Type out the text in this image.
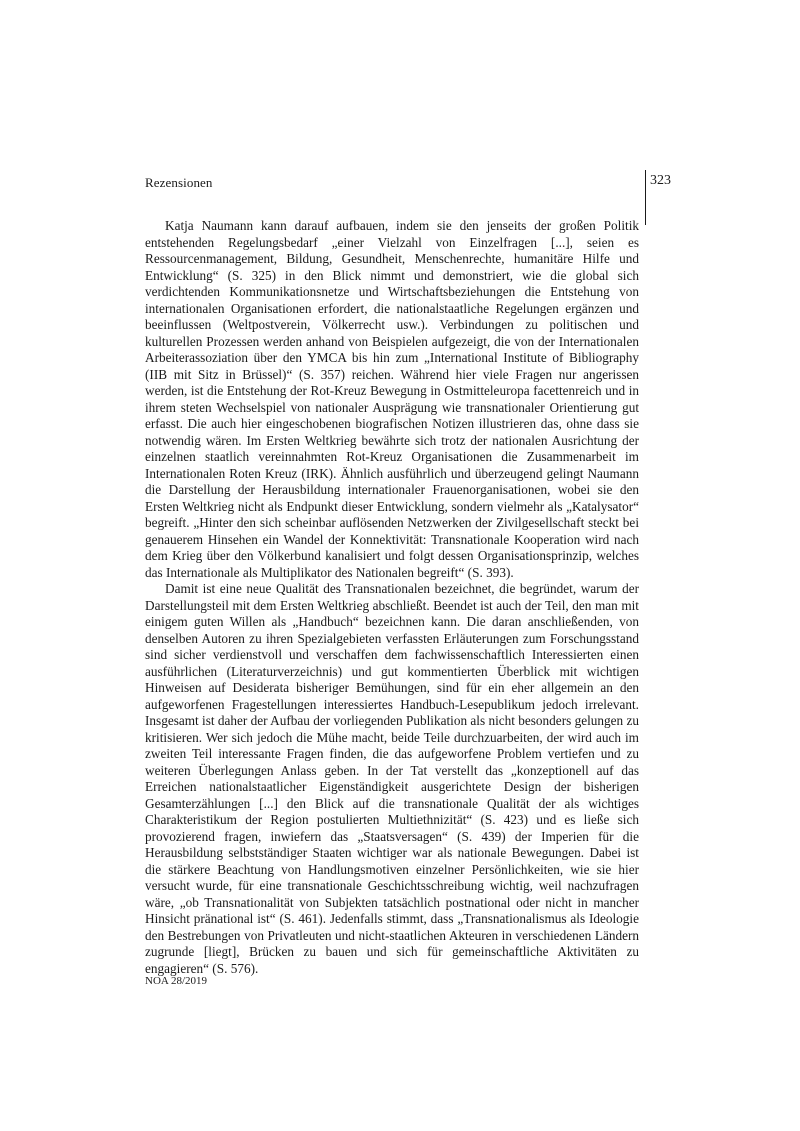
Rezensionen	323

Katja Naumann kann darauf aufbauen, indem sie den jenseits der großen Politik entstehenden Regelungsbedarf „einer Vielzahl von Einzelfragen [...], seien es Ressourcenmanagement, Bildung, Gesundheit, Menschenrechte, humanitäre Hilfe und Entwicklung“ (S. 325) in den Blick nimmt und demonstriert, wie die global sich verdichtenden Kommunikationsnetze und Wirtschaftsbeziehungen die Entstehung von internationalen Organisationen erfordert, die nationalstaatliche Regelungen ergänzen und beeinflussen (Weltpostverein, Völkerrecht usw.). Verbindungen zu politischen und kulturellen Prozessen werden anhand von Beispielen aufgezeigt, die von der Internationalen Arbeiterassoziation über den YMCA bis hin zum „International Institute of Bibliography (IIB mit Sitz in Brüssel)“ (S. 357) reichen. Während hier viele Fragen nur angerissen werden, ist die Entstehung der Rot-Kreuz Bewegung in Ostmitteleuropa facettenreich und in ihrem steten Wechselspiel von nationaler Ausprägung wie transnationaler Orientierung gut erfasst. Die auch hier eingeschobenen biografischen Notizen illustrieren das, ohne dass sie notwendig wären. Im Ersten Weltkrieg bewährte sich trotz der nationalen Ausrichtung der einzelnen staatlich vereinnahmten Rot-Kreuz Organisationen die Zusammenarbeit im Internationalen Roten Kreuz (IRK). Ähnlich ausführlich und überzeugend gelingt Naumann die Darstellung der Herausbildung internationaler Frauenorganisationen, wobei sie den Ersten Weltkrieg nicht als Endpunkt dieser Entwicklung, sondern vielmehr als „Katalysator“ begreift. „Hinter den sich scheinbar auflösenden Netzwerken der Zivilgesellschaft steckt bei genauerem Hinsehen ein Wandel der Konnektivität: Transnationale Kooperation wird nach dem Krieg über den Völkerbund kanalisiert und folgt dessen Organisationsprinzip, welches das Internationale als Multiplikator des Nationalen begreift“ (S. 393).

Damit ist eine neue Qualität des Transnationalen bezeichnet, die begründet, warum der Darstellungsteil mit dem Ersten Weltkrieg abschließt. Beendet ist auch der Teil, den man mit einigem guten Willen als „Handbuch“ bezeichnen kann. Die daran anschließenden, von denselben Autoren zu ihren Spezialgebieten verfassten Erläuterungen zum Forschungsstand sind sicher verdienstvoll und verschaffen dem fachwissenschaftlich Interessierten einen ausführlichen (Literaturverzeichnis) und gut kommentierten Überblick mit wichtigen Hinweisen auf Desiderata bisheriger Bemühungen, sind für ein eher allgemein an den aufgeworfenen Fragestellungen interessiertes Handbuch-Lesepublikum jedoch irrelevant. Insgesamt ist daher der Aufbau der vorliegenden Publikation als nicht besonders gelungen zu kritisieren. Wer sich jedoch die Mühe macht, beide Teile durchzuarbeiten, der wird auch im zweiten Teil interessante Fragen finden, die das aufgeworfene Problem vertiefen und zu weiteren Überlegungen Anlass geben. In der Tat verstellt das „konzeptionell auf das Erreichen nationalstaatlicher Eigenständigkeit ausgerichtete Design der bisherigen Gesamterzählungen [...] den Blick auf die transnationale Qualität der als wichtiges Charakteristikum der Region postulierten Multiethnizität“ (S. 423) und es ließe sich provozierend fragen, inwiefern das „Staatsversagen“ (S. 439) der Imperien für die Herausbildung selbstständiger Staaten wichtiger war als nationale Bewegungen. Dabei ist die stärkere Beachtung von Handlungsmotiven einzelner Persönlichkeiten, wie sie hier versucht wurde, für eine transnationale Geschichtsschreibung wichtig, weil nachzufragen wäre, „ob Transnationalität von Subjekten tatsächlich postnational oder nicht in mancher Hinsicht pränational ist“ (S. 461). Jedenfalls stimmt, dass „Transnationalismus als Ideologie den Bestrebungen von Privatleuten und nicht-staatlichen Akteuren in verschiedenen Ländern zugrunde [liegt], Brücken zu bauen und sich für gemeinschaftliche Aktivitäten zu engagieren“ (S. 576).

NOA 28/2019
